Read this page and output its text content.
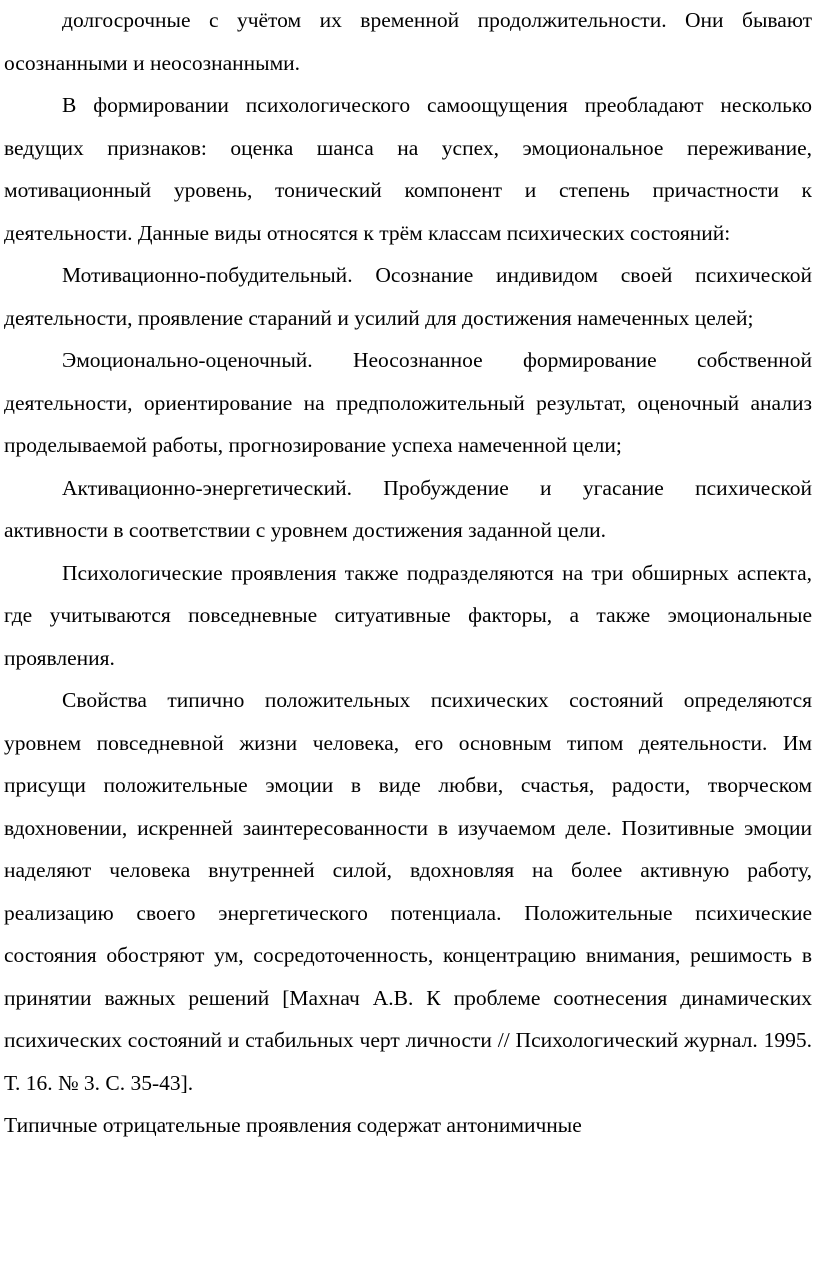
долгосрочные с учётом их временной продолжительности. Они бывают осознанными и неосознанными.

В формировании психологического самоощущения преобладают несколько ведущих признаков: оценка шанса на успех, эмоциональное переживание, мотивационный уровень, тонический компонент и степень причастности к деятельности. Данные виды относятся к трём классам психических состояний:

Мотивационно-побудительный. Осознание индивидом своей психической деятельности, проявление стараний и усилий для достижения намеченных целей;

Эмоционально-оценочный. Неосознанное формирование собственной деятельности, ориентирование на предположительный результат, оценочный анализ проделываемой работы, прогнозирование успеха намеченной цели;

Активационно-энергетический. Пробуждение и угасание психической активности в соответствии с уровнем достижения заданной цели.

Психологические проявления также подразделяются на три обширных аспекта, где учитываются повседневные ситуативные факторы, а также эмоциональные проявления.

Свойства типично положительных психических состояний определяются уровнем повседневной жизни человека, его основным типом деятельности. Им присущи положительные эмоции в виде любви, счастья, радости, творческом вдохновении, искренней заинтересованности в изучаемом деле. Позитивные эмоции наделяют человека внутренней силой, вдохновляя на более активную работу, реализацию своего энергетического потенциала. Положительные психические состояния обостряют ум, сосредоточенность, концентрацию внимания, решимость в принятии важных решений [Махнач А.В. К проблеме соотнесения динамических психических состояний и стабильных черт личности // Психологический журнал. 1995. Т. 16. № 3. С. 35-43].

Типичные отрицательные проявления содержат антонимичные
